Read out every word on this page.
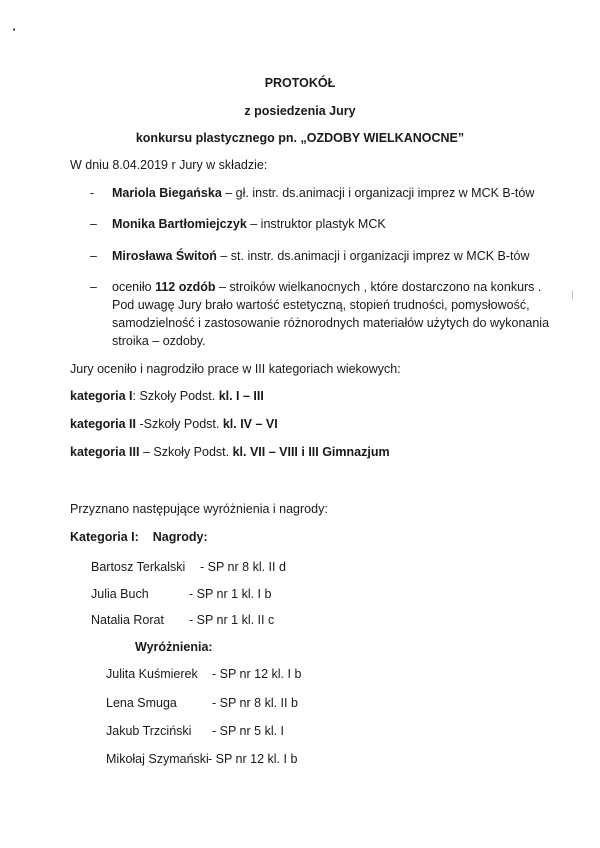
PROTOKÓŁ
z posiedzenia Jury
konkursu plastycznego pn. „OZDOBY WIELKANOCNE”
W dniu 8.04.2019 r Jury w składzie:
- Mariola Biegańska – gł. instr. ds.animacji i organizacji imprez w MCK B-tów
– Monika Bartłomiejczyk – instruktor plastyk MCK
– Mirosława Świtoń – st. instr. ds.animacji i organizacji imprez w MCK B-tów
– oceniło 112 ozdób – stroików wielkanocnych , które dostarczono na konkurs .
Pod uwagę Jury brało wartość estetyczną, stopień trudności, pomysłowość,
samodzielność i zastosowanie różnorodnych materiałów użytych do wykonania
stroika – ozdoby.
Jury oceniło i nagrodziło prace w III kategoriach wiekowych:
kategoria I: Szkoły Podst. kl. I – III
kategoria II -Szkoły Podst. kl. IV – VI
kategoria III – Szkoły Podst. kl. VII – VIII i III Gimnazjum
Przyznano następujące wyróżnienia i nagrody:
Kategoria I: Nagrody:
Bartosz Terkalski - SP nr 8 kl. II d
Julia Buch	- SP nr 1 kl. I b
Natalia Rorat - SP nr 1 kl. II c
Wyróżnienia:
Julita Kuśmierek - SP nr 12 kl. I b
Lena Smuga	- SP nr 8 kl. II b
Jakub Trzciński - SP nr 5 kl. I
Mikołaj Szymański - SP nr 12 kl. I b
